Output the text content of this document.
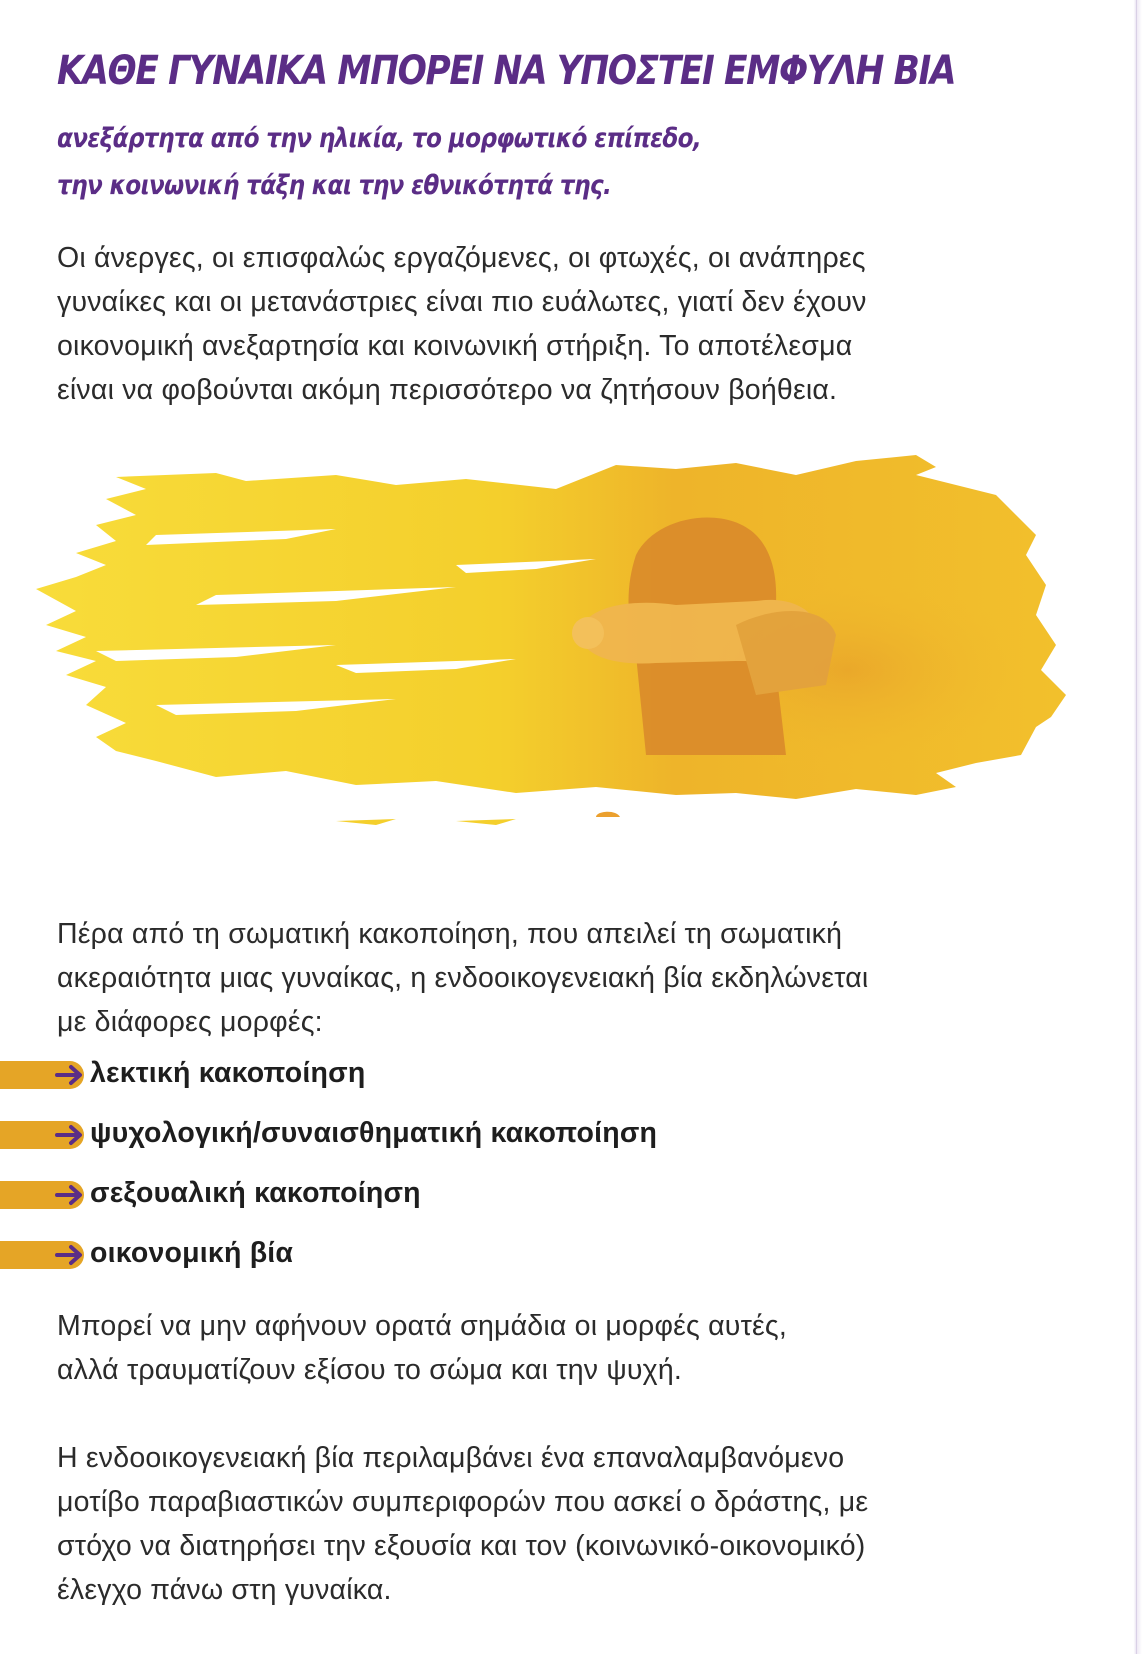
ΚΑΘΕ ΓΥΝΑΙΚΑ ΜΠΟΡΕΙ ΝΑ ΥΠΟΣΤΕΙ ΕΜΦΥΛΗ ΒΙΑ
ανεξάρτητα από την ηλικία, το μορφωτικό επίπεδο,
την κοινωνική τάξη και την εθνικότητά της.

Οι άνεργες, οι επισφαλώς εργαζόμενες, οι φτωχές, οι ανάπηρες
γυναίκες και οι μετανάστριες είναι πιο ευάλωτες, γιατί δεν έχουν
οικονομική ανεξαρτησία και κοινωνική στήριξη. Το αποτέλεσμα
είναι να φοβούνται ακόμη περισσότερο να ζητήσουν βοήθεια.

Πέρα από τη σωματική κακοποίηση, που απειλεί τη σωματική
ακεραιότητα μιας γυναίκας, η ενδοοικογενειακή βία εκδηλώνεται
με διάφορες μορφές:

λεκτική κακοποίηση
ψυχολογική/συναισθηματική κακοποίηση
σεξουαλική κακοποίηση
οικονομική βία

Μπορεί να μην αφήνουν ορατά σημάδια οι μορφές αυτές,
αλλά τραυματίζουν εξίσου το σώμα και την ψυχή.

Η ενδοοικογενειακή βία περιλαμβάνει ένα επαναλαμβανόμενο
μοτίβο παραβιαστικών συμπεριφορών που ασκεί ο δράστης, με
στόχο να διατηρήσει την εξουσία και τον (κοινωνικό-οικονομικό)
έλεγχο πάνω στη γυναίκα.
